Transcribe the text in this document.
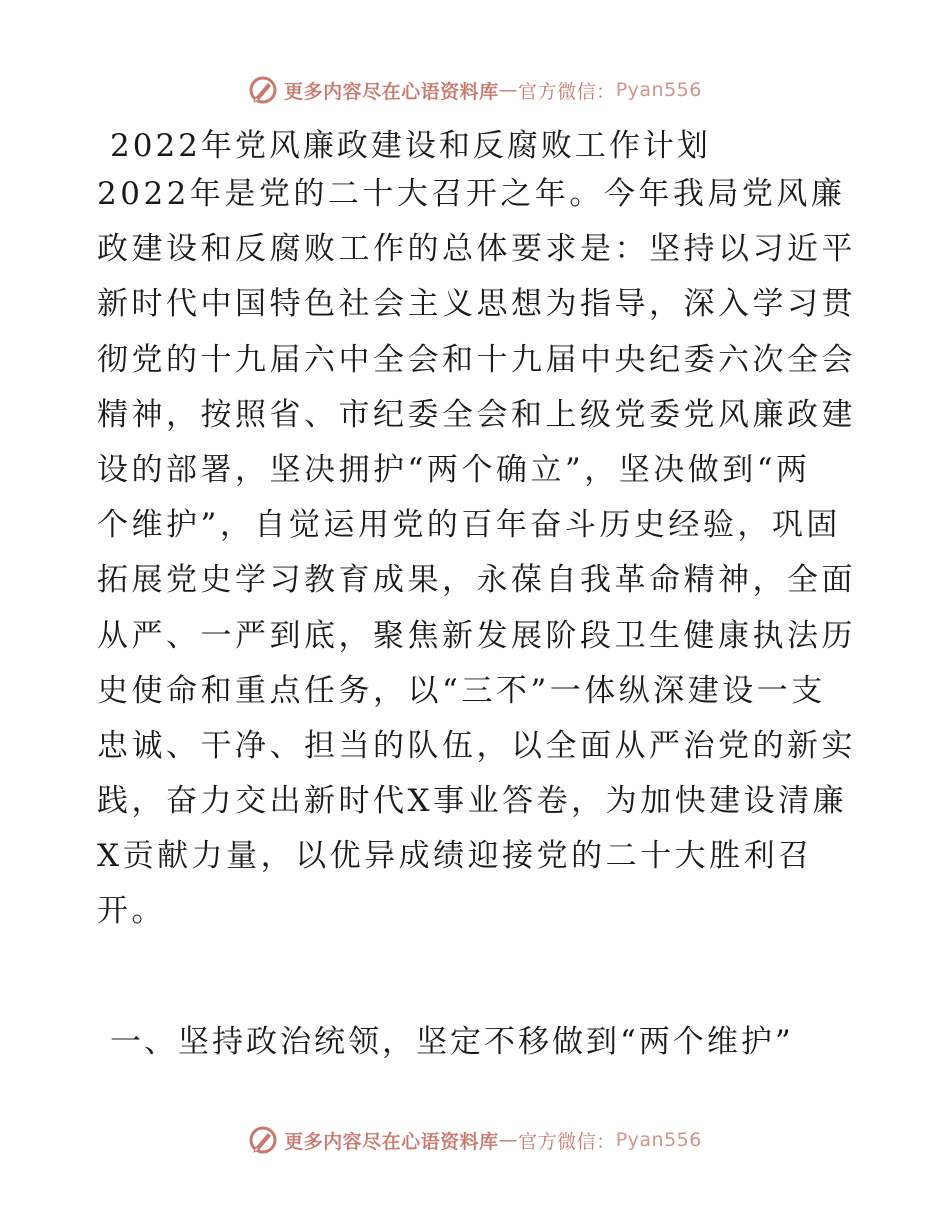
更多内容尽在心语资料库 — 官方微信： Pyan556
2022年党风廉政建设和反腐败工作计划
2022年是党的二十大召开之年。今年我局党风廉
政建设和反腐败工作的总体要求是：坚持以习近平
新时代中国特色社会主义思想为指导，深入学习贯
彻党的十九届六中全会和十九届中央纪委六次全会
精神，按照省、市纪委全会和上级党委党风廉政建
设的部署，坚决拥护“两个确立”，坚决做到“两
个维护”，自觉运用党的百年奋斗历史经验，巩固
拓展党史学习教育成果，永葆自我革命精神，全面
从严、一严到底，聚焦新发展阶段卫生健康执法历
史使命和重点任务，以“三不”一体纵深建设一支
忠诚、干净、担当的队伍，以全面从严治党的新实
践，奋力交出新时代X事业答卷，为加快建设清廉
X贡献力量，以优异成绩迎接党的二十大胜利召
开。
一、坚持政治统领，坚定不移做到“两个维护”
更多内容尽在心语资料库 — 官方微信： Pyan556
